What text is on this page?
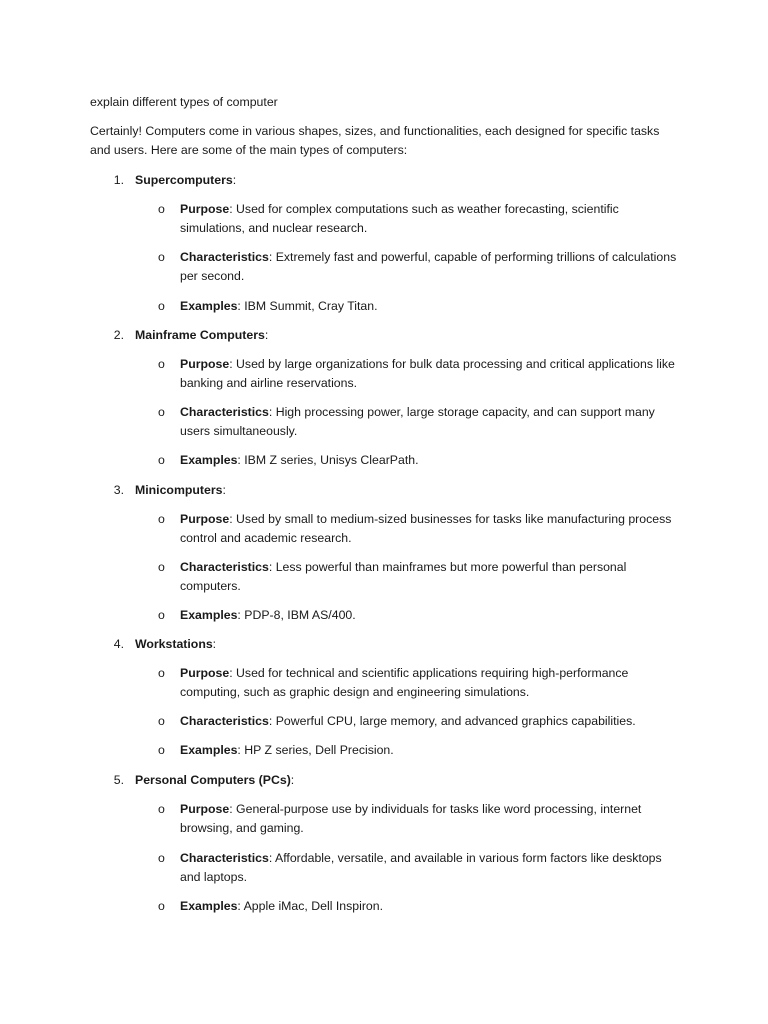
explain different types of computer
Certainly! Computers come in various shapes, sizes, and functionalities, each designed for specific tasks and users. Here are some of the main types of computers:
1. Supercomputers:
o	Purpose: Used for complex computations such as weather forecasting, scientific simulations, and nuclear research.
o	Characteristics: Extremely fast and powerful, capable of performing trillions of calculations per second.
o	Examples: IBM Summit, Cray Titan.
2. Mainframe Computers:
o	Purpose: Used by large organizations for bulk data processing and critical applications like banking and airline reservations.
o	Characteristics: High processing power, large storage capacity, and can support many users simultaneously.
o	Examples: IBM Z series, Unisys ClearPath.
3. Minicomputers:
o	Purpose: Used by small to medium-sized businesses for tasks like manufacturing process control and academic research.
o	Characteristics: Less powerful than mainframes but more powerful than personal computers.
o	Examples: PDP-8, IBM AS/400.
4. Workstations:
o	Purpose: Used for technical and scientific applications requiring high-performance computing, such as graphic design and engineering simulations.
o	Characteristics: Powerful CPU, large memory, and advanced graphics capabilities.
o	Examples: HP Z series, Dell Precision.
5. Personal Computers (PCs):
o	Purpose: General-purpose use by individuals for tasks like word processing, internet browsing, and gaming.
o	Characteristics: Affordable, versatile, and available in various form factors like desktops and laptops.
o	Examples: Apple iMac, Dell Inspiron.
